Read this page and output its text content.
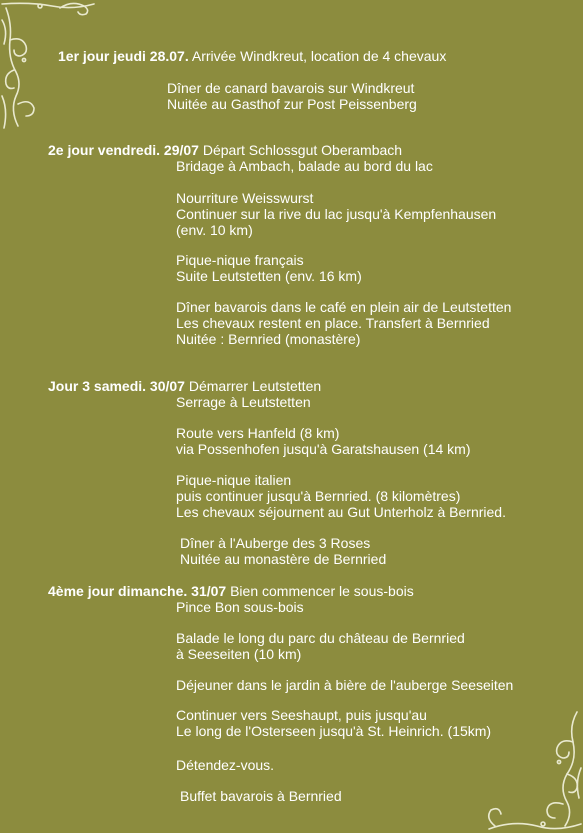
1er jour jeudi 28.07. Arrivée Windkreut, location de 4 chevaux
Dîner de canard bavarois sur Windkreut
Nuitée au Gasthof zur Post Peissenberg
2e jour vendredi. 29/07 Départ Schlossgut Oberambach
Bridage à Ambach, balade au bord du lac
Nourriture Weisswurst
Continuer sur la rive du lac jusqu'à Kempfenhausen
(env. 10 km)
Pique-nique français
Suite Leutstetten (env. 16 km)
Dîner bavarois dans le café en plein air de Leutstetten
Les chevaux restent en place. Transfert à Bernried
Nuitée : Bernried (monastère)
Jour 3 samedi. 30/07 Démarrer Leutstetten
Serrage à Leutstetten
Route vers Hanfeld (8 km)
via Possenhofen jusqu'à Garatshausen (14 km)
Pique-nique italien
puis continuer jusqu'à Bernried. (8 kilomètres)
Les chevaux séjournent au Gut Unterholz à Bernried.
Dîner à l'Auberge des 3 Roses
Nuitée au monastère de Bernried
4ème jour dimanche. 31/07 Bien commencer le sous-bois
Pince Bon sous-bois
Balade le long du parc du château de Bernried
à Seeseiten (10 km)
Déjeuner dans le jardin à bière de l'auberge Seeseiten
Continuer vers Seeshaupt, puis jusqu'au
Le long de l'Osterseen jusqu'à St. Heinrich. (15km)
Détendez-vous.
Buffet bavarois à Bernried
